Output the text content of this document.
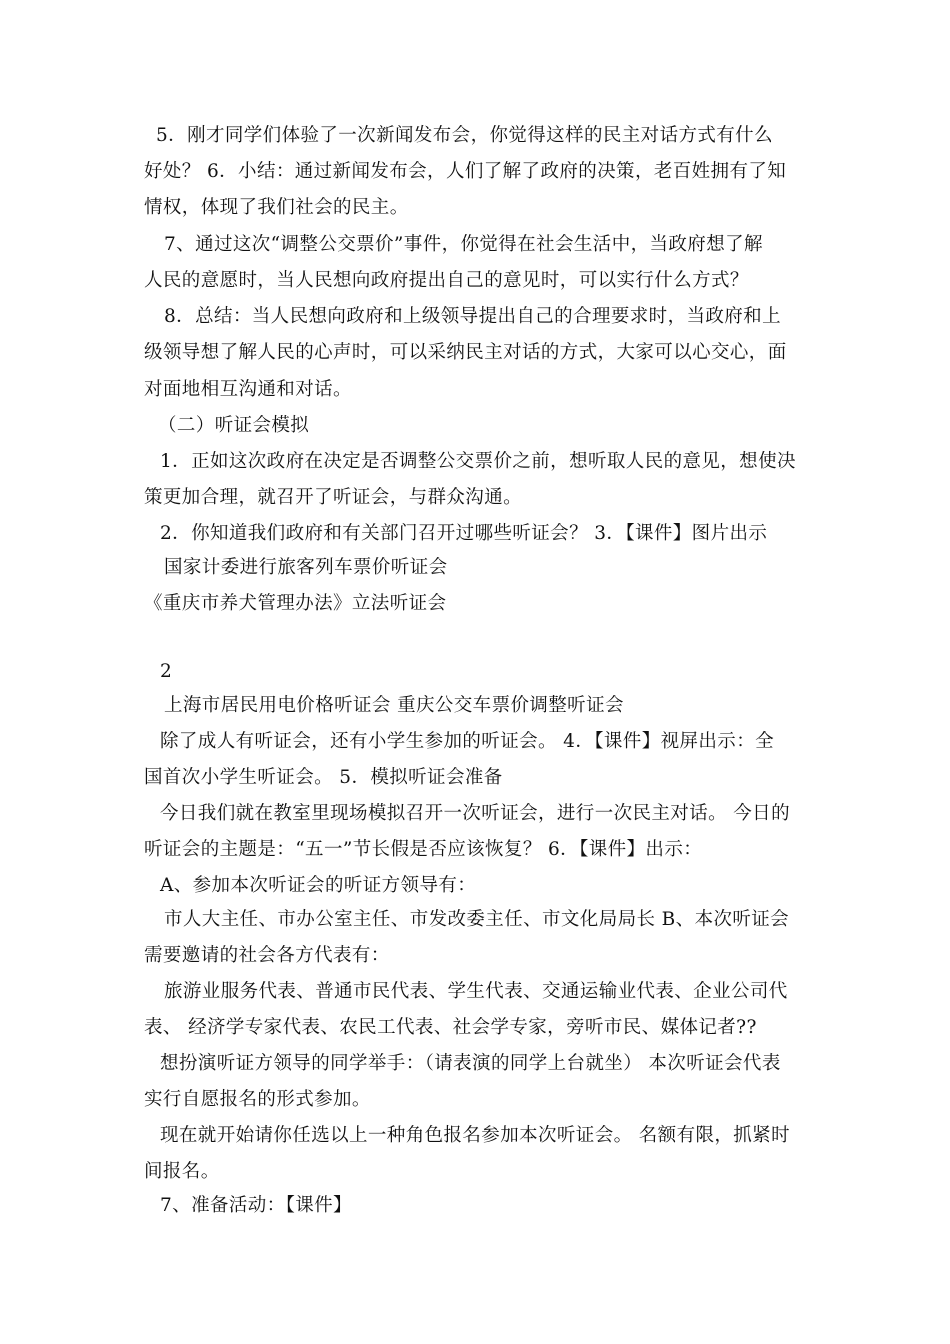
5．刚才同学们体验了一次新闻发布会，你觉得这样的民主对话方式有什么
好处？ 6．小结：通过新闻发布会，人们了解了政府的决策，老百姓拥有了知
情权，体现了我们社会的民主。
7、通过这次“调整公交票价”事件，你觉得在社会生活中，当政府想了解
人民的意愿时，当人民想向政府提出自己的意见时，可以实行什么方式？
8．总结：当人民想向政府和上级领导提出自己的合理要求时，当政府和上
级领导想了解人民的心声时，可以采纳民主对话的方式，大家可以心交心，面
对面地相互沟通和对话。
（二）听证会模拟
1．正如这次政府在决定是否调整公交票价之前，想听取人民的意见，想使决
策更加合理，就召开了听证会，与群众沟通。
2．你知道我们政府和有关部门召开过哪些听证会？ 3．【课件】图片出示
国家计委进行旅客列车票价听证会
《重庆市养犬管理办法》立法听证会
2
上海市居民用电价格听证会 重庆公交车票价调整听证会
除了成人有听证会，还有小学生参加的听证会。 4．【课件】视屏出示：全
国首次小学生听证会。 5．模拟听证会准备
今日我们就在教室里现场模拟召开一次听证会，进行一次民主对话。 今日的
听证会的主题是：“五一”节长假是否应该恢复？ 6．【课件】出示：
A、参加本次听证会的听证方领导有：
市人大主任、市办公室主任、市发改委主任、市文化局局长 B、本次听证会
需要邀请的社会各方代表有：
旅游业服务代表、普通市民代表、学生代表、交通运输业代表、企业公司代
表、 经济学专家代表、农民工代表、社会学专家，旁听市民、媒体记者??
想扮演听证方领导的同学举手：（请表演的同学上台就坐） 本次听证会代表
实行自愿报名的形式参加。
现在就开始请你任选以上一种角色报名参加本次听证会。 名额有限，抓紧时
间报名。
7、准备活动：【课件】
